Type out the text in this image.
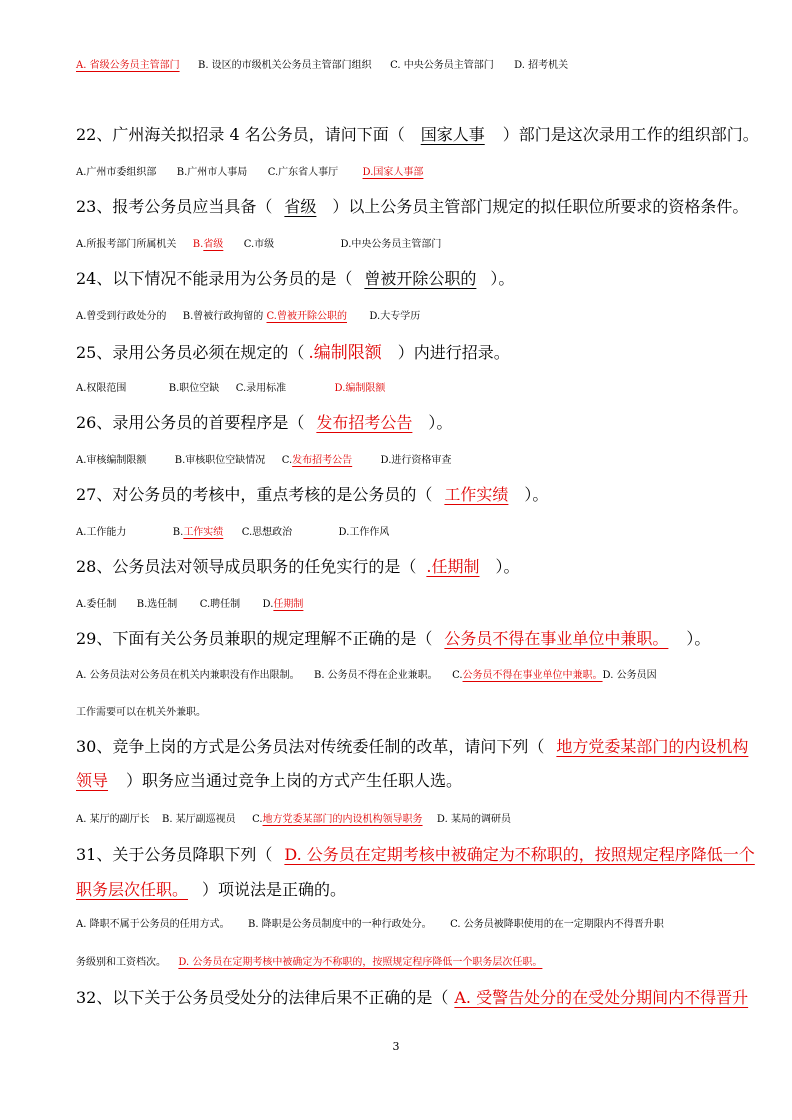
A. 省级公务员主管部门 B. 设区的市级机关公务员主管部门组织 C. 中央公务员主管部门 D. 招考机关
22、广州海关拟招录 4 名公务员，请问下面（ 国家人事 ）部门是这次录用工作的组织部门。
A.广州市委组织部 B.广州市人事局 C.广东省人事厅 D.国家人事部
23、报考公务员应当具备（ 省级 ）以上公务员主管部门规定的拟任职位所要求的资格条件。
A.所报考部门所属机关 B.省级 C.市级	D.中央公务员主管部门
24、以下情况不能录用为公务员的是（ 曾被开除公职的 ）。
A.曾受到行政处分的 B.曾被行政拘留的 C.曾被开除公职的 D.大专学历
25、录用公务员必须在规定的（ .编制限额 ）内进行招录。
A.权限范围	B.职位空缺 C.录用标准	D.编制限额
26、录用公务员的首要程序是（ 发布招考公告 ）。
A.审核编制限额	B.审核职位空缺情况 C.发布招考公告	D.进行资格审查
27、对公务员的考核中，重点考核的是公务员的（ 工作实绩 ）。
A.工作能力	B.工作实绩 C.思想政治	D.工作作风
28、公务员法对领导成员职务的任免实行的是（ .任期制 ）。
A.委任制 B.选任制 C.聘任制 D.任期制
29、下面有关公务员兼职的规定理解不正确的是（ 公务员不得在事业单位中兼职。 ）。
A. 公务员法对公务员在机关内兼职没有作出限制。 B. 公务员不得在企业兼职。 C.公务员不得在事业单位中兼职。D. 公务员因
工作需要可以在机关外兼职。
30、竞争上岗的方式是公务员法对传统委任制的改革，请问下列（ 地方党委某部门的内设机构
领导 ）职务应当通过竞争上岗的方式产生任职人选。
A. 某厅的副厅长 B. 某厅副巡视员 C.地方党委某部门的内设机构领导职务 D. 某局的调研员
31、关于公务员降职下列（ D. 公务员在定期考核中被确定为不称职的，按照规定程序降低一个
职务层次任职。 ）项说法是正确的。
A. 降职不属于公务员的任用方式。 B. 降职是公务员制度中的一种行政处分。 C. 公务员被降职使用的在一定期限内不得晋升职
务级别和工资档次。 D. 公务员在定期考核中被确定为不称职的，按照规定程序降低一个职务层次任职。
32、以下关于公务员受处分的法律后果不正确的是（ A. 受警告处分的在受处分期间内不得晋升
3
